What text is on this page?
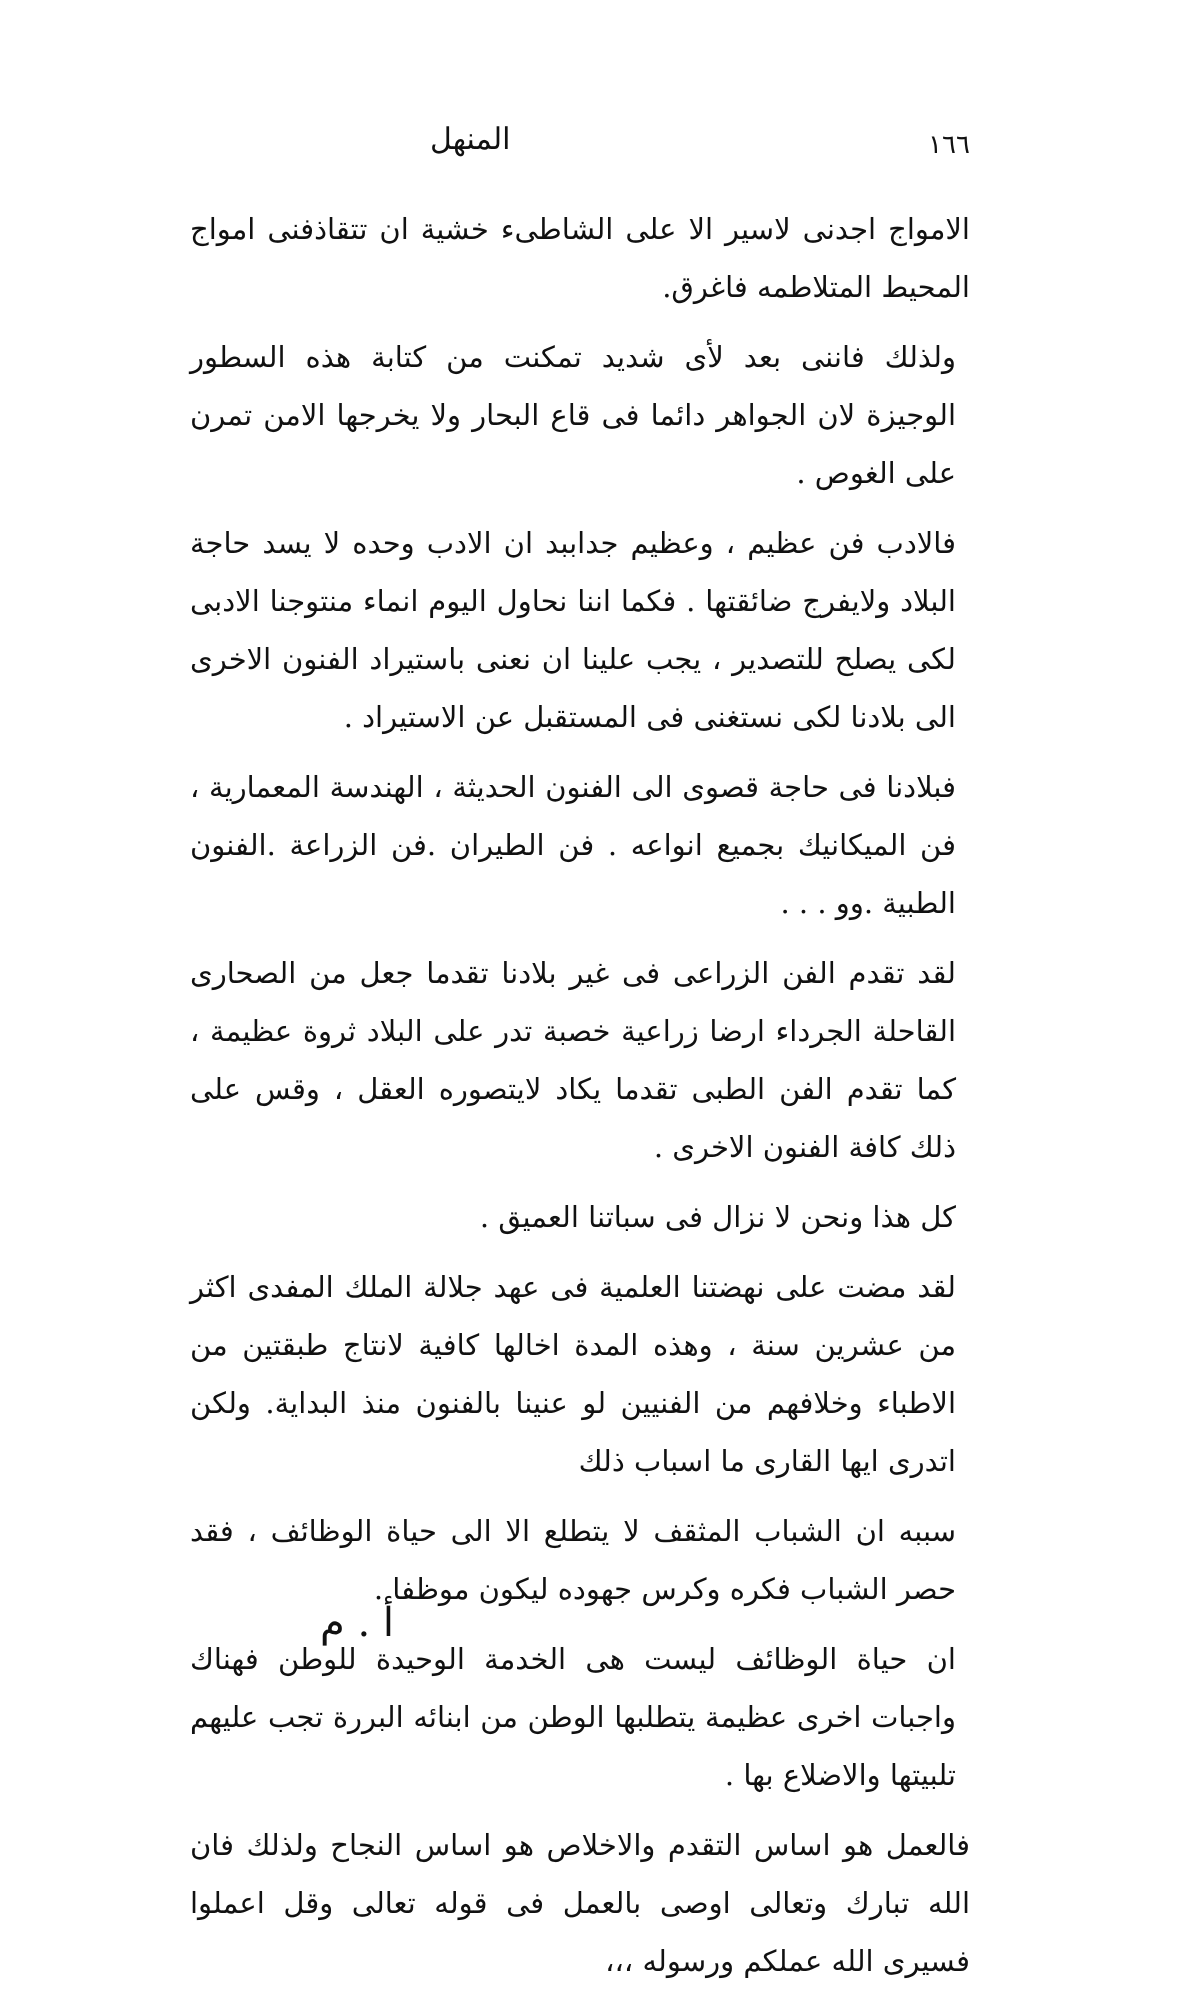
المنهل	١٦٦

الامواج اجدنى لاسير الا على الشاطىء خشية ان تتقاذفنى امواج المحيط المتلاطمه فاغرق.

ولذلك فاننى بعد لأى شديد تمكنت من كتابة هذه السطور الوجيزة لان الجواهر دائما فى قاع البحار ولا يخرجها الامن تمرن على الغوص .

فالادب فن عظيم ، وعظيم جداببد ان الادب وحده لا يسد حاجة البلاد ولايفرج ضائقتها . فكما اننا نحاول اليوم انماء منتوجنا الادبى لكى يصلح للتصدير ، يجب علينا ان نعنى باستيراد الفنون الاخرى الى بلادنا لكى نستغنى فى المستقبل عن الاستيراد .

فبلادنا فى حاجة قصوى الى الفنون الحديثة ، الهندسة المعمارية ، فن الميكانيك بجميع انواعه . فن الطيران .فن الزراعة .الفنون الطبية .وو . . .

لقد تقدم الفن الزراعى فى غير بلادنا تقدما جعل من الصحارى القاحلة الجرداء ارضا زراعية خصبة تدر على البلاد ثروة عظيمة ، كما تقدم الفن الطبى تقدما يكاد لايتصوره العقل ، وقس على ذلك كافة الفنون الاخرى .

كل هذا ونحن لا نزال فى سباتنا العميق .

لقد مضت على نهضتنا العلمية فى عهد جلالة الملك المفدى اكثر من عشرين سنة ، وهذه المدة اخالها كافية لانتاج طبقتين من الاطباء وخلافهم من الفنيين لو عنينا بالفنون منذ البداية. ولكن اتدرى ايها القارى ما اسباب ذلك

سببه ان الشباب المثقف لا يتطلع الا الى حياة الوظائف ، فقد حصر الشباب فكره وكرس جهوده ليكون موظفا .

ان حياة الوظائف ليست هى الخدمة الوحيدة للوطن فهناك واجبات اخرى عظيمة يتطلبها الوطن من ابنائه البررة تجب عليهم تلبيتها والاضلاع بها .

فالعمل هو اساس التقدم والاخلاص هو اساس النجاح ولذلك فان الله تبارك وتعالى اوصى بالعمل فى قوله تعالى وقل اعملوا فسيرى الله عملكم ورسوله ،،،

أ . م
